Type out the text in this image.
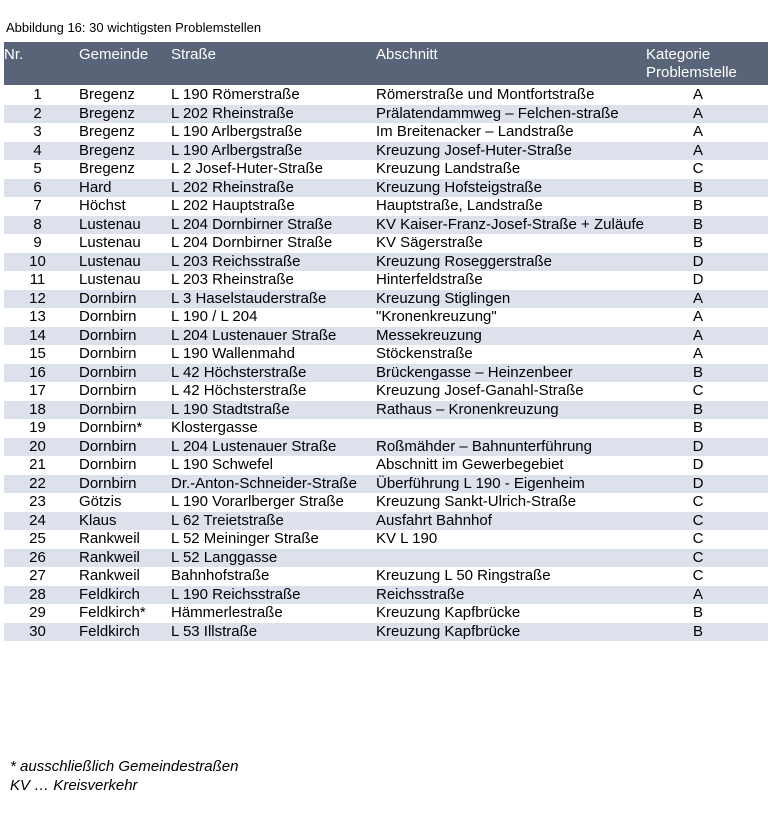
Abbildung 16: 30 wichtigsten Problemstellen
Nr.	Gemeinde	Straße	Abschnitt	Kategorie Problemstelle

1	Bregenz	L 190 Römerstraße	Römerstraße und Montfortstraße	A
2	Bregenz	L 202 Rheinstraße	Prälatendammweg – Felchen-straße	A
3	Bregenz	L 190 Arlbergstraße	Im Breitenacker – Landstraße	A
4	Bregenz	L 190 Arlbergstraße	Kreuzung Josef-Huter-Straße	A
5	Bregenz	L 2 Josef-Huter-Straße	Kreuzung Landstraße	C
6	Hard	L 202 Rheinstraße	Kreuzung Hofsteigstraße	B
7	Höchst	L 202 Hauptstraße	Hauptstraße, Landstraße	B
8	Lustenau	L 204 Dornbirner Straße	KV Kaiser-Franz-Josef-Straße + Zuläufe	B
9	Lustenau	L 204 Dornbirner Straße	KV Sägerstraße	B
10	Lustenau	L 203 Reichsstraße	Kreuzung Roseggerstraße	D
11	Lustenau	L 203 Rheinstraße	Hinterfeldstraße	D
12	Dornbirn	L 3 Haselstauderstraße	Kreuzung Stiglingen	A
13	Dornbirn	L 190 / L 204	"Kronenkreuzung"	A
14	Dornbirn	L 204 Lustenauer Straße	Messekreuzung	A
15	Dornbirn	L 190 Wallenmahd	Stöckenstraße	A
16	Dornbirn	L 42 Höchsterstraße	Brückengasse – Heinzenbeer	B
17	Dornbirn	L 42 Höchsterstraße	Kreuzung Josef-Ganahl-Straße	C
18	Dornbirn	L 190 Stadtstraße	Rathaus – Kronenkreuzung	B
19	Dornbirn*	Klostergasse		B
20	Dornbirn	L 204 Lustenauer Straße	Roßmähder – Bahnunterführung	D
21	Dornbirn	L 190 Schwefel	Abschnitt im Gewerbegebiet	D
22	Dornbirn	Dr.-Anton-Schneider-Straße	Überführung L 190 - Eigenheim	D
23	Götzis	L 190 Vorarlberger Straße	Kreuzung Sankt-Ulrich-Straße	C
24	Klaus	L 62 Treietstraße	Ausfahrt Bahnhof	C
25	Rankweil	L 52 Meininger Straße	KV L 190	C
26	Rankweil	L 52 Langgasse		C
27	Rankweil	Bahnhofstraße	Kreuzung L 50 Ringstraße	C
28	Feldkirch	L 190 Reichsstraße	Reichsstraße	A
29	Feldkirch*	Hämmerlestraße	Kreuzung Kapfbrücke	B
30	Feldkirch	L 53 Illstraße	Kreuzung Kapfbrücke	B
* ausschließlich Gemeindestraßen
KV … Kreisverkehr
